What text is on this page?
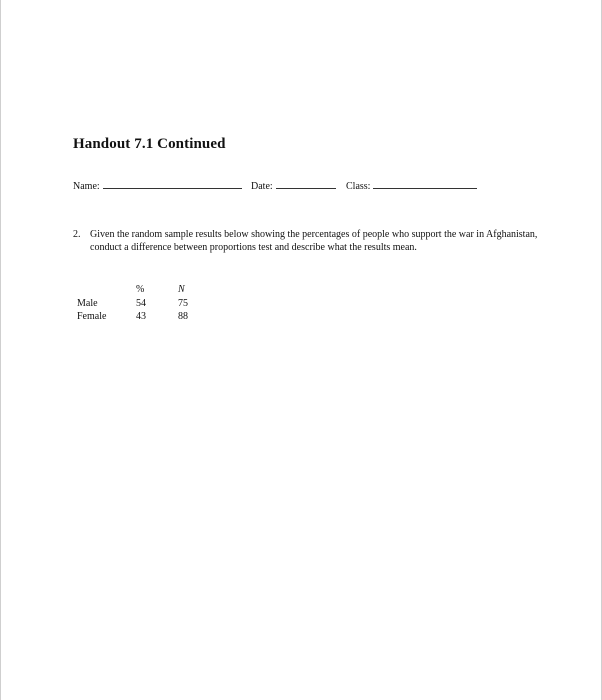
Handout 7.1 Continued
Name:	Date:	Class:
2. Given the random sample results below showing the percentages of people who support the war in Afghanistan, conduct a difference between proportions test and describe what the results mean.
	%	N
Male	54	75
Female	43	88
